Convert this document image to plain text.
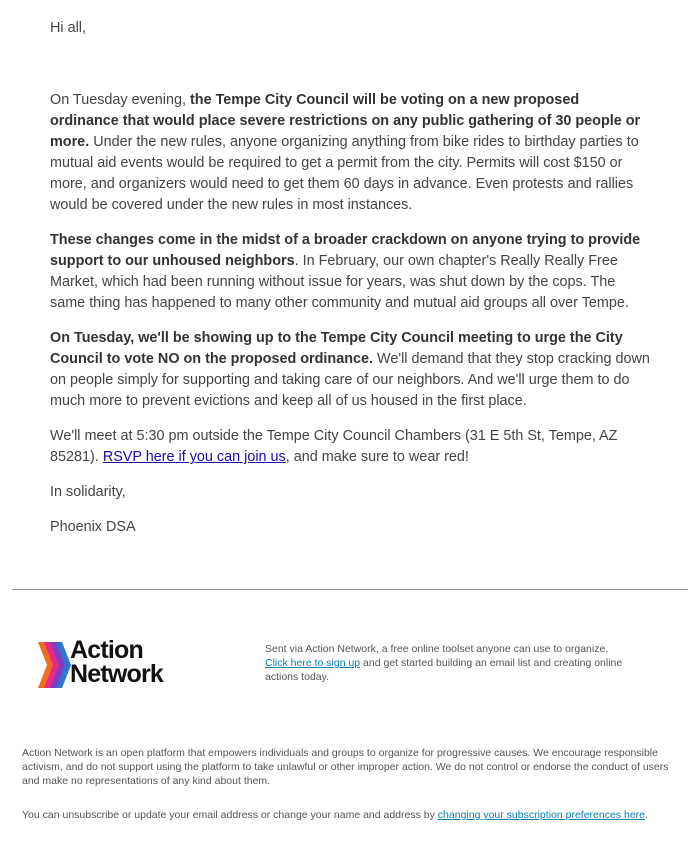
Hi all,

On Tuesday evening, the Tempe City Council will be voting on a new proposed ordinance that would place severe restrictions on any public gathering of 30 people or more. Under the new rules, anyone organizing anything from bike rides to birthday parties to mutual aid events would be required to get a permit from the city. Permits will cost $150 or more, and organizers would need to get them 60 days in advance. Even protests and rallies would be covered under the new rules in most instances.

These changes come in the midst of a broader crackdown on anyone trying to provide support to our unhoused neighbors. In February, our own chapter's Really Really Free Market, which had been running without issue for years, was shut down by the cops. The same thing has happened to many other community and mutual aid groups all over Tempe.

On Tuesday, we'll be showing up to the Tempe City Council meeting to urge the City Council to vote NO on the proposed ordinance. We'll demand that they stop cracking down on people simply for supporting and taking care of our neighbors. And we'll urge them to do much more to prevent evictions and keep all of us housed in the first place.

We'll meet at 5:30 pm outside the Tempe City Council Chambers (31 E 5th St, Tempe, AZ 85281). RSVP here if you can join us, and make sure to wear red!

In solidarity,

Phoenix DSA

Action
Network
Sent via Action Network, a free online toolset anyone can use to organize.
Click here to sign up and get started building an email list and creating online actions today.
Action Network is an open platform that empowers individuals and groups to organize for progressive causes. We encourage responsible activism, and do not support using the platform to take unlawful or other improper action. We do not control or endorse the conduct of users and make no representations of any kind about them.
You can unsubscribe or update your email address or change your name and address by changing your subscription preferences here.
